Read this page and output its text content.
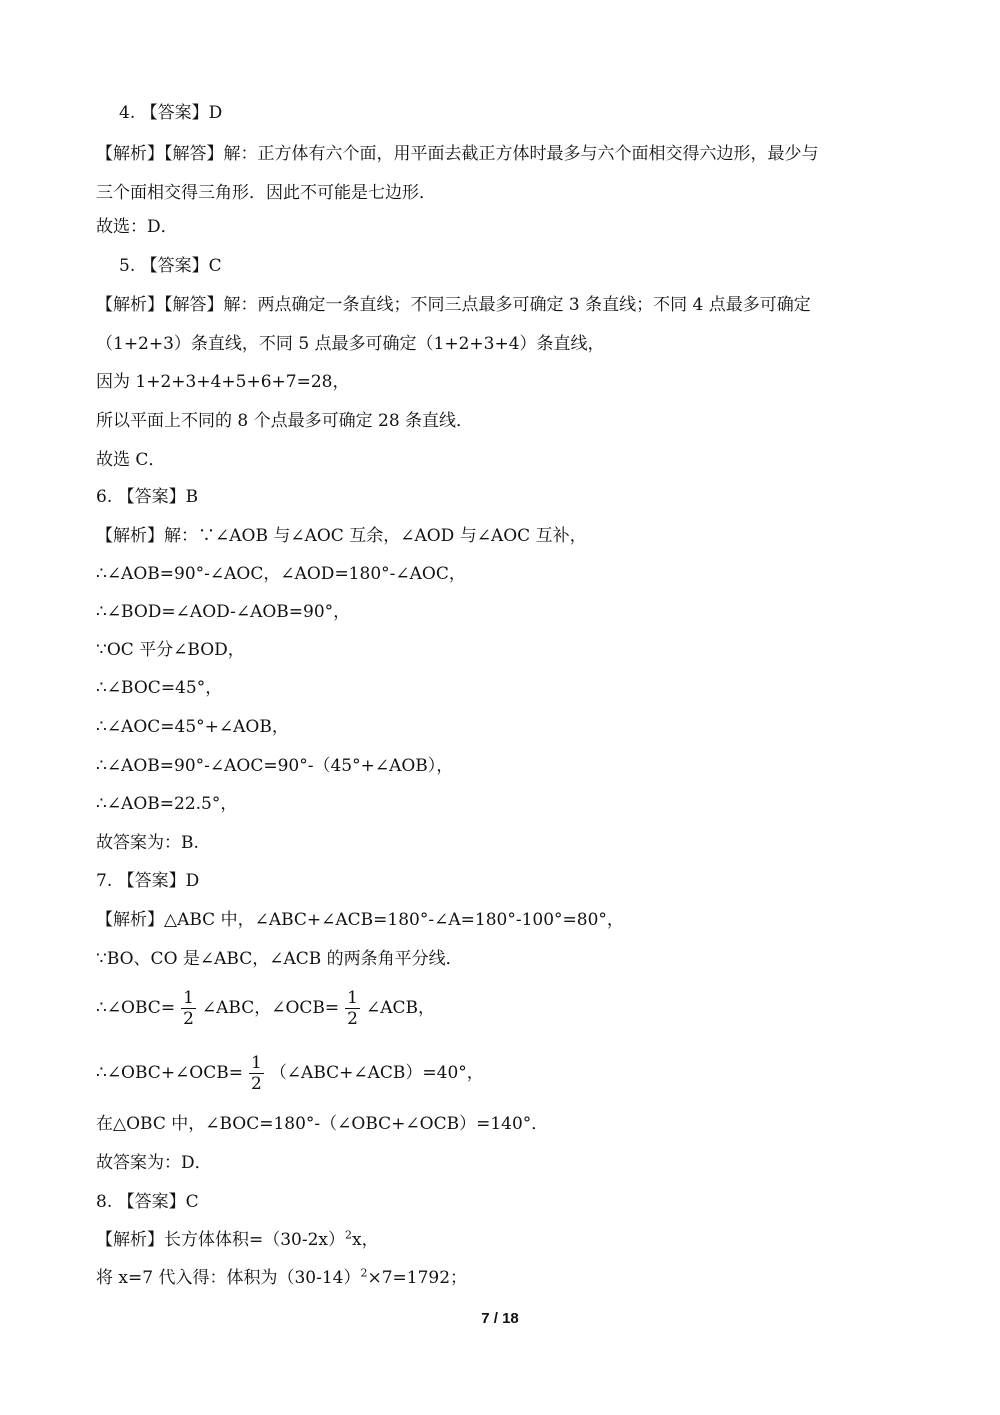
4. 【答案】D
【解析】【解答】解：正方体有六个面，用平面去截正方体时最多与六个面相交得六边形，最少与
三个面相交得三角形．因此不可能是七边形．
故选：D．
5. 【答案】C
【解析】【解答】解：两点确定一条直线；不同三点最多可确定 3 条直线；不同 4 点最多可确定
（1+2+3）条直线，不同 5 点最多可确定（1+2+3+4）条直线，
因为 1+2+3+4+5+6+7=28，
所以平面上不同的 8 个点最多可确定 28 条直线．
故选 C．
6. 【答案】B
【解析】解：∵∠AOB 与∠AOC 互余，∠AOD 与∠AOC 互补，
∴∠AOB=90°-∠AOC，∠AOD=180°-∠AOC，
∴∠BOD=∠AOD-∠AOB=90°，
∵OC 平分∠BOD，
∴∠BOC=45°，
∴∠AOC=45°+∠AOB，
∴∠AOB=90°-∠AOC=90°-（45°+∠AOB），
∴∠AOB=22.5°，
故答案为：B.
7. 【答案】D
【解析】△ABC 中，∠ABC+∠ACB=180°-∠A=180°-100°=80°，
∵BO、CO 是∠ABC，∠ACB 的两条角平分线．
∴∠OBC= $\frac{1}{2}$ ∠ABC，∠OCB= $\frac{1}{2}$ ∠ACB，
∴∠OBC+∠OCB= $\frac{1}{2}$ （∠ABC+∠ACB）=40°，
在△OBC 中，∠BOC=180°-（∠OBC+∠OCB）=140°．
故答案为：D．
8. 【答案】C
【解析】长方体体积$=(30-2x)^2x$，
将 x=7 代入得：体积为$(30-14)^2\times 7=1792$；
7 / 18
